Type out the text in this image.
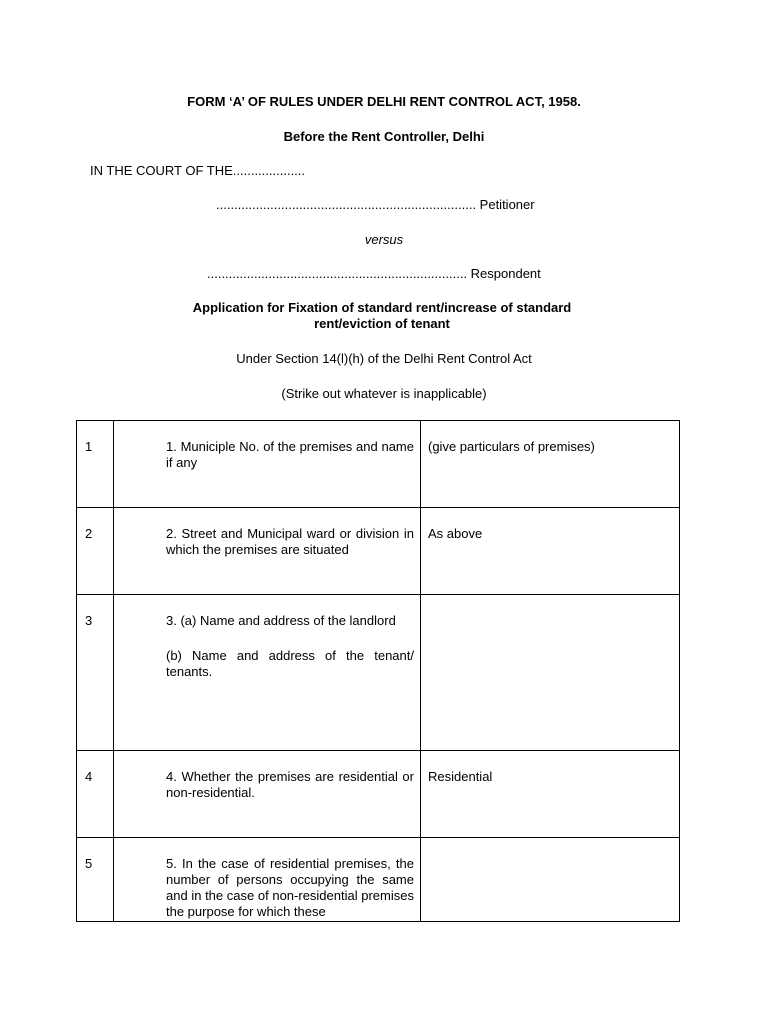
FORM ‘A’ OF RULES UNDER DELHI RENT CONTROL ACT, 1958.
Before the Rent Controller, Delhi
IN THE COURT OF THE....................
........................................................................ Petitioner
versus
........................................................................ Respondent
Application for Fixation of standard rent/increase of standard rent/eviction of tenant
Under Section 14(l)(h) of the Delhi Rent Control Act
(Strike out whatever is inapplicable)
1	1. Municiple No. of the premises and name if any	(give particulars of premises)
2	2. Street and Municipal ward or division in which the premises are situated	As above
3	3. (a) Name and address of the landlord
(b) Name and address of the tenant/ tenants.	

4	4. Whether the premises are residential or non-residential.	Residential
5	5. In the case of residential premises, the number of persons occupying the same and in the case of non-residential premises the purpose for which these	
